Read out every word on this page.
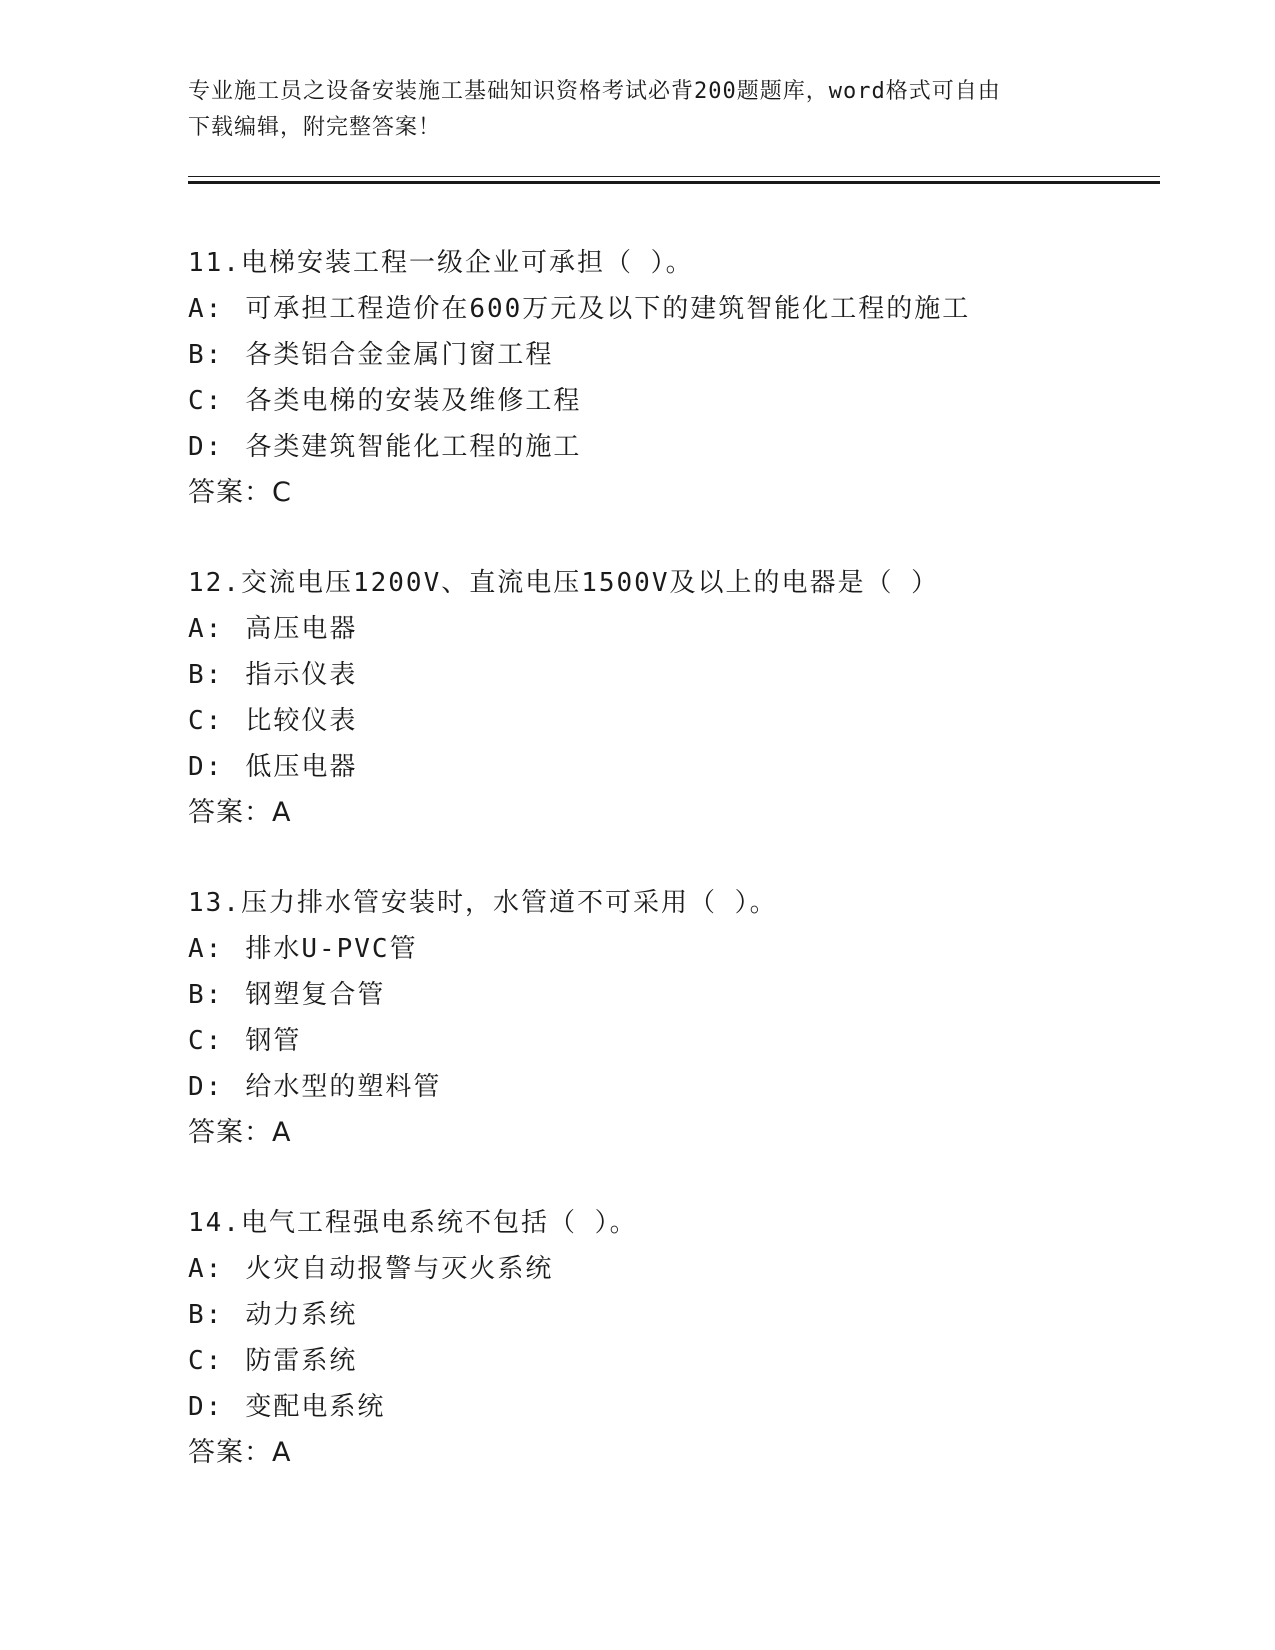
专业施工员之设备安装施工基础知识资格考试必背200题题库，word格式可自由
下载编辑，附完整答案！
11.电梯安装工程一级企业可承担（ ）。
A: 可承担工程造价在600万元及以下的建筑智能化工程的施工
B: 各类铝合金金属门窗工程
C: 各类电梯的安装及维修工程
D: 各类建筑智能化工程的施工
答案：C
12.交流电压1200V、直流电压1500V及以上的电器是（ ）
A: 高压电器
B: 指示仪表
C: 比较仪表
D: 低压电器
答案：A
13.压力排水管安装时，水管道不可采用（ ）。
A: 排水U-PVC管
B: 钢塑复合管
C: 钢管
D: 给水型的塑料管
答案：A
14.电气工程强电系统不包括（ ）。
A: 火灾自动报警与灭火系统
B: 动力系统
C: 防雷系统
D: 变配电系统
答案：A
